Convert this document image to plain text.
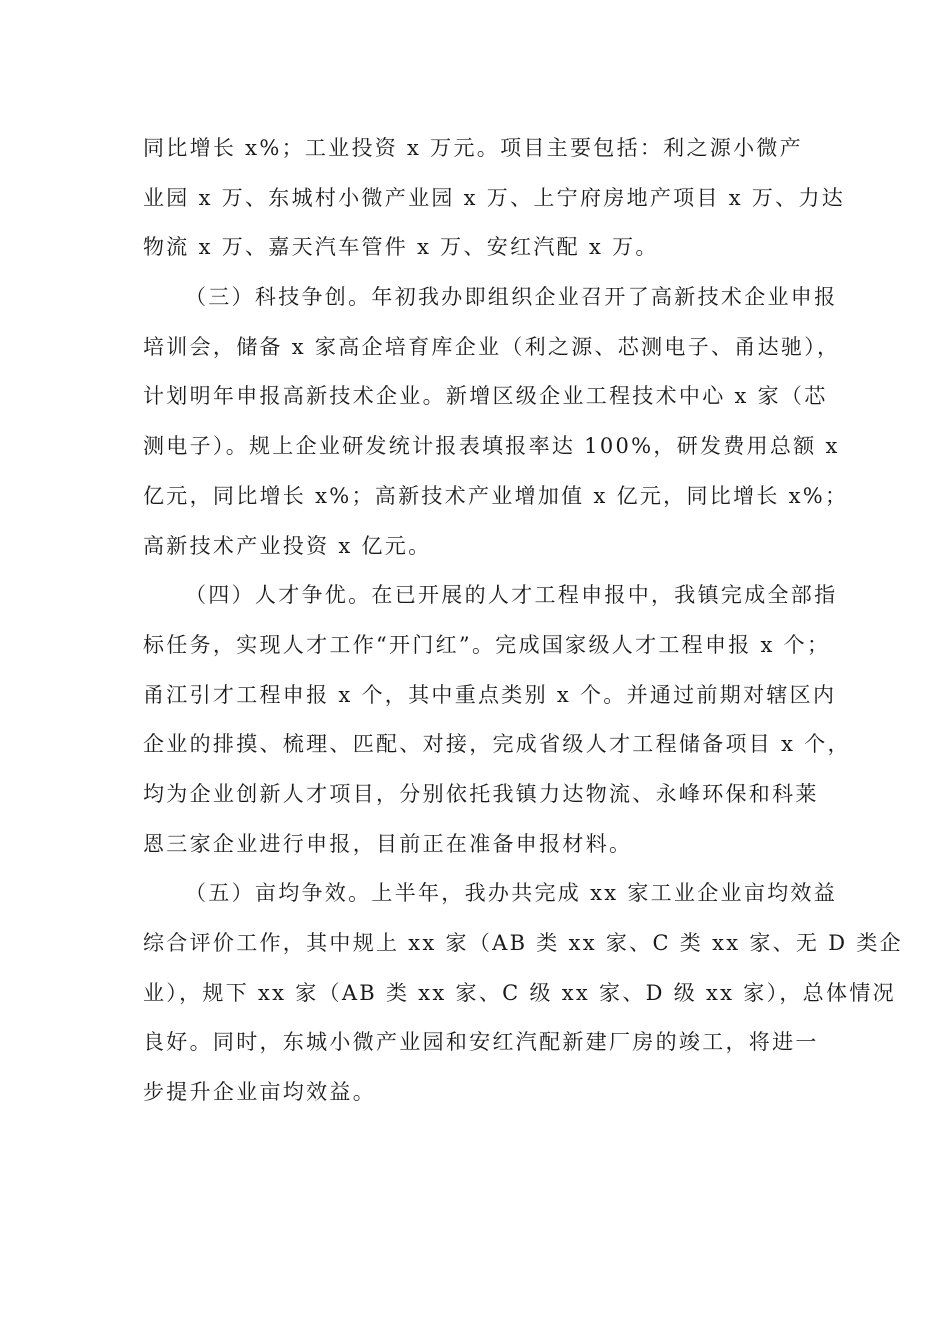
同比增长 x%；工业投资 x 万元。项目主要包括：利之源小微产
业园 x 万、东城村小微产业园 x 万、上宁府房地产项目 x 万、力达
物流 x 万、嘉天汽车管件 x 万、安红汽配 x 万。
（三）科技争创。年初我办即组织企业召开了高新技术企业申报
培训会，储备 x 家高企培育库企业（利之源、芯测电子、甬达驰），
计划明年申报高新技术企业。新增区级企业工程技术中心 x 家（芯
测电子）。规上企业研发统计报表填报率达 100%，研发费用总额 x
亿元，同比增长 x%；高新技术产业增加值 x 亿元，同比增长 x%；
高新技术产业投资 x 亿元。
（四）人才争优。在已开展的人才工程申报中，我镇完成全部指
标任务，实现人才工作“开门红”。完成国家级人才工程申报 x 个；
甬江引才工程申报 x 个，其中重点类别 x 个。并通过前期对辖区内
企业的排摸、梳理、匹配、对接，完成省级人才工程储备项目 x 个，
均为企业创新人才项目，分别依托我镇力达物流、永峰环保和科莱
恩三家企业进行申报，目前正在准备申报材料。
（五）亩均争效。上半年，我办共完成 xx 家工业企业亩均效益
综合评价工作，其中规上 xx 家（AB 类 xx 家、C 类 xx 家、无 D 类企
业），规下 xx 家（AB 类 xx 家、C 级 xx 家、D 级 xx 家），总体情况
良好。同时，东城小微产业园和安红汽配新建厂房的竣工，将进一
步提升企业亩均效益。
